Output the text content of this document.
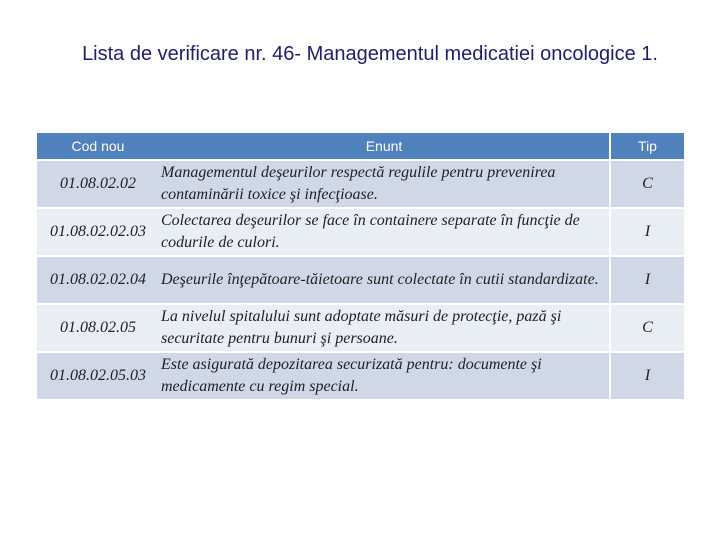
Lista de verificare nr. 46- Managementul medicatiei oncologice 1.
Cod nou	Enunt	Tip
01.08.02.02	Managementul deşeurilor respectă regulile pentru prevenirea contaminării toxice şi infecţioase.	C
01.08.02.02.03	Colectarea deşeurilor se face în containere separate în funcţie de codurile de culori.	I
01.08.02.02.04	Deşeurile înţepătoare-tăietoare sunt colectate în cutii standardizate.	I
01.08.02.05	La nivelul spitalului sunt adoptate măsuri de protecţie, pază şi securitate pentru bunuri şi persoane.	C
01.08.02.05.03	Este asigurată depozitarea securizată pentru: documente şi medicamente cu regim special.	I
